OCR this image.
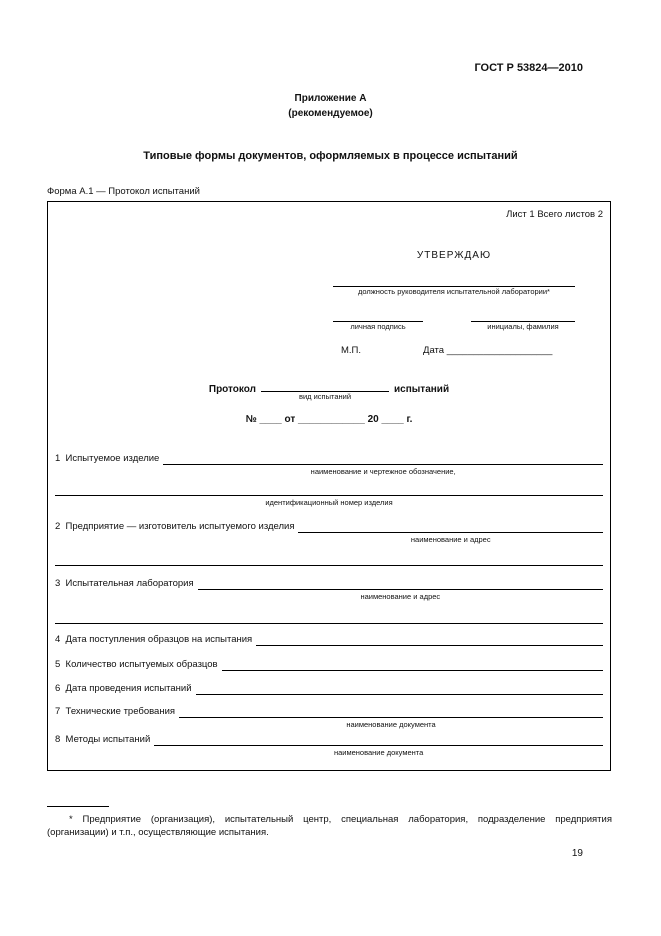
ГОСТ Р 53824—2010
Приложение А
(рекомендуемое)
Типовые формы документов, оформляемых в процессе испытаний
Форма А.1 — Протокол испытаний
Лист 1 Всего листов 2
УТВЕРЖДАЮ
должность руководителя испытательной лаборатории*
личная подпись	инициалы, фамилия
М.П.	Дата ____________________
Протокол
вид испытаний
испытаний
№ ____ от ____________ 20 ____ г.
1  Испытуемое изделие
наименование и чертежное обозначение,
идентификационный номер изделия
2  Предприятие — изготовитель испытуемого изделия
наименование и адрес
3  Испытательная лаборатория
наименование и адрес
4  Дата поступления образцов на испытания
5  Количество испытуемых образцов
6  Дата проведения испытаний
7  Технические требования
наименование документа
8  Методы испытаний
наименование документа
* Предприятие (организация), испытательный центр, специальная лаборатория, подразделение предприятия (организации) и т.п., осуществляющие испытания.
19
